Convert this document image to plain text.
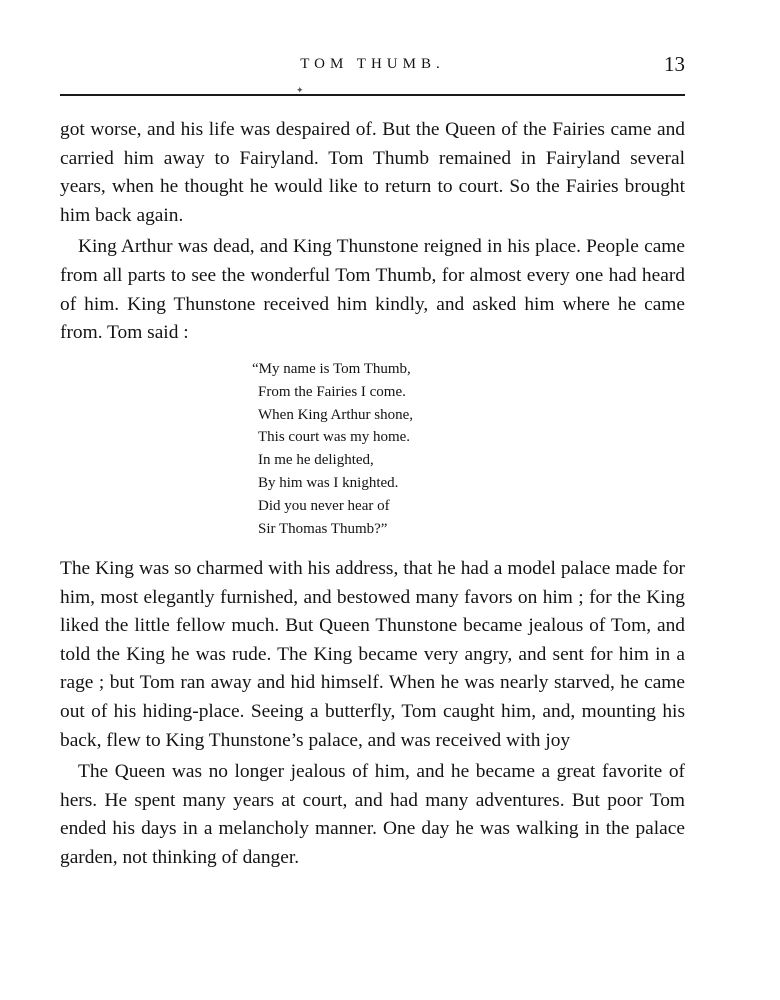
TOM THUMB.	13
✦

got worse, and his life was despaired of. But the Queen of the Fairies came and carried him away to Fairyland. Tom Thumb remained in Fairyland several years, when he thought he would like to return to court. So the Fairies brought him back again.

King Arthur was dead, and King Thunstone reigned in his place. People came from all parts to see the wonderful Tom Thumb, for almost every one had heard of him. King Thunstone received him kindly, and asked him where he came from. Tom said :

“My name is Tom Thumb,
From the Fairies I come.
When King Arthur shone,
This court was my home.
In me he delighted,
By him was I knighted.
Did you never hear of
Sir Thomas Thumb?”

The King was so charmed with his address, that he had a model palace made for him, most elegantly furnished, and bestowed many favors on him ; for the King liked the little fellow much. But Queen Thunstone became jealous of Tom, and told the King he was rude. The King became very angry, and sent for him in a rage ; but Tom ran away and hid himself. When he was nearly starved, he came out of his hiding-place. Seeing a butterfly, Tom caught him, and, mounting his back, flew to King Thunstone’s palace, and was received with joy

The Queen was no longer jealous of him, and he became a great favorite of hers. He spent many years at court, and had many adventures. But poor Tom ended his days in a melancholy manner. One day he was walking in the palace garden, not thinking of danger.
